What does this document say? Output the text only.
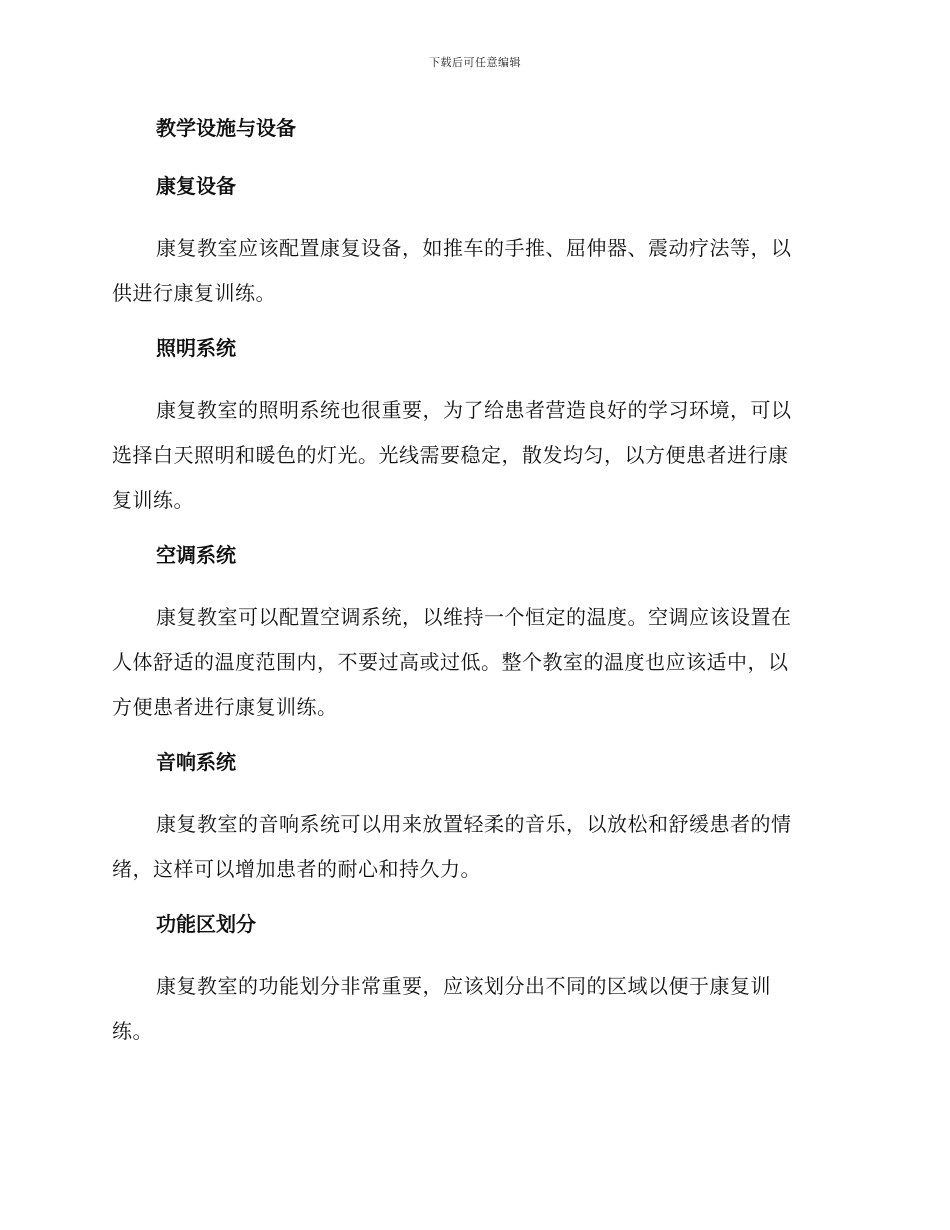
下载后可任意编辑
教学设施与设备
康复设备

康复教室应该配置康复设备，如推车的手推、屈伸器、震动疗法等，以
供进行康复训练。

照明系统

康复教室的照明系统也很重要，为了给患者营造良好的学习环境，可以
选择白天照明和暖色的灯光。光线需要稳定，散发均匀，以方便患者进行康
复训练。

空调系统

康复教室可以配置空调系统，以维持一个恒定的温度。空调应该设置在
人体舒适的温度范围内，不要过高或过低。整个教室的温度也应该适中，以
方便患者进行康复训练。

音响系统

康复教室的音响系统可以用来放置轻柔的音乐，以放松和舒缓患者的情
绪，这样可以增加患者的耐心和持久力。

功能区划分

康复教室的功能划分非常重要，应该划分出不同的区域以便于康复训
练。
